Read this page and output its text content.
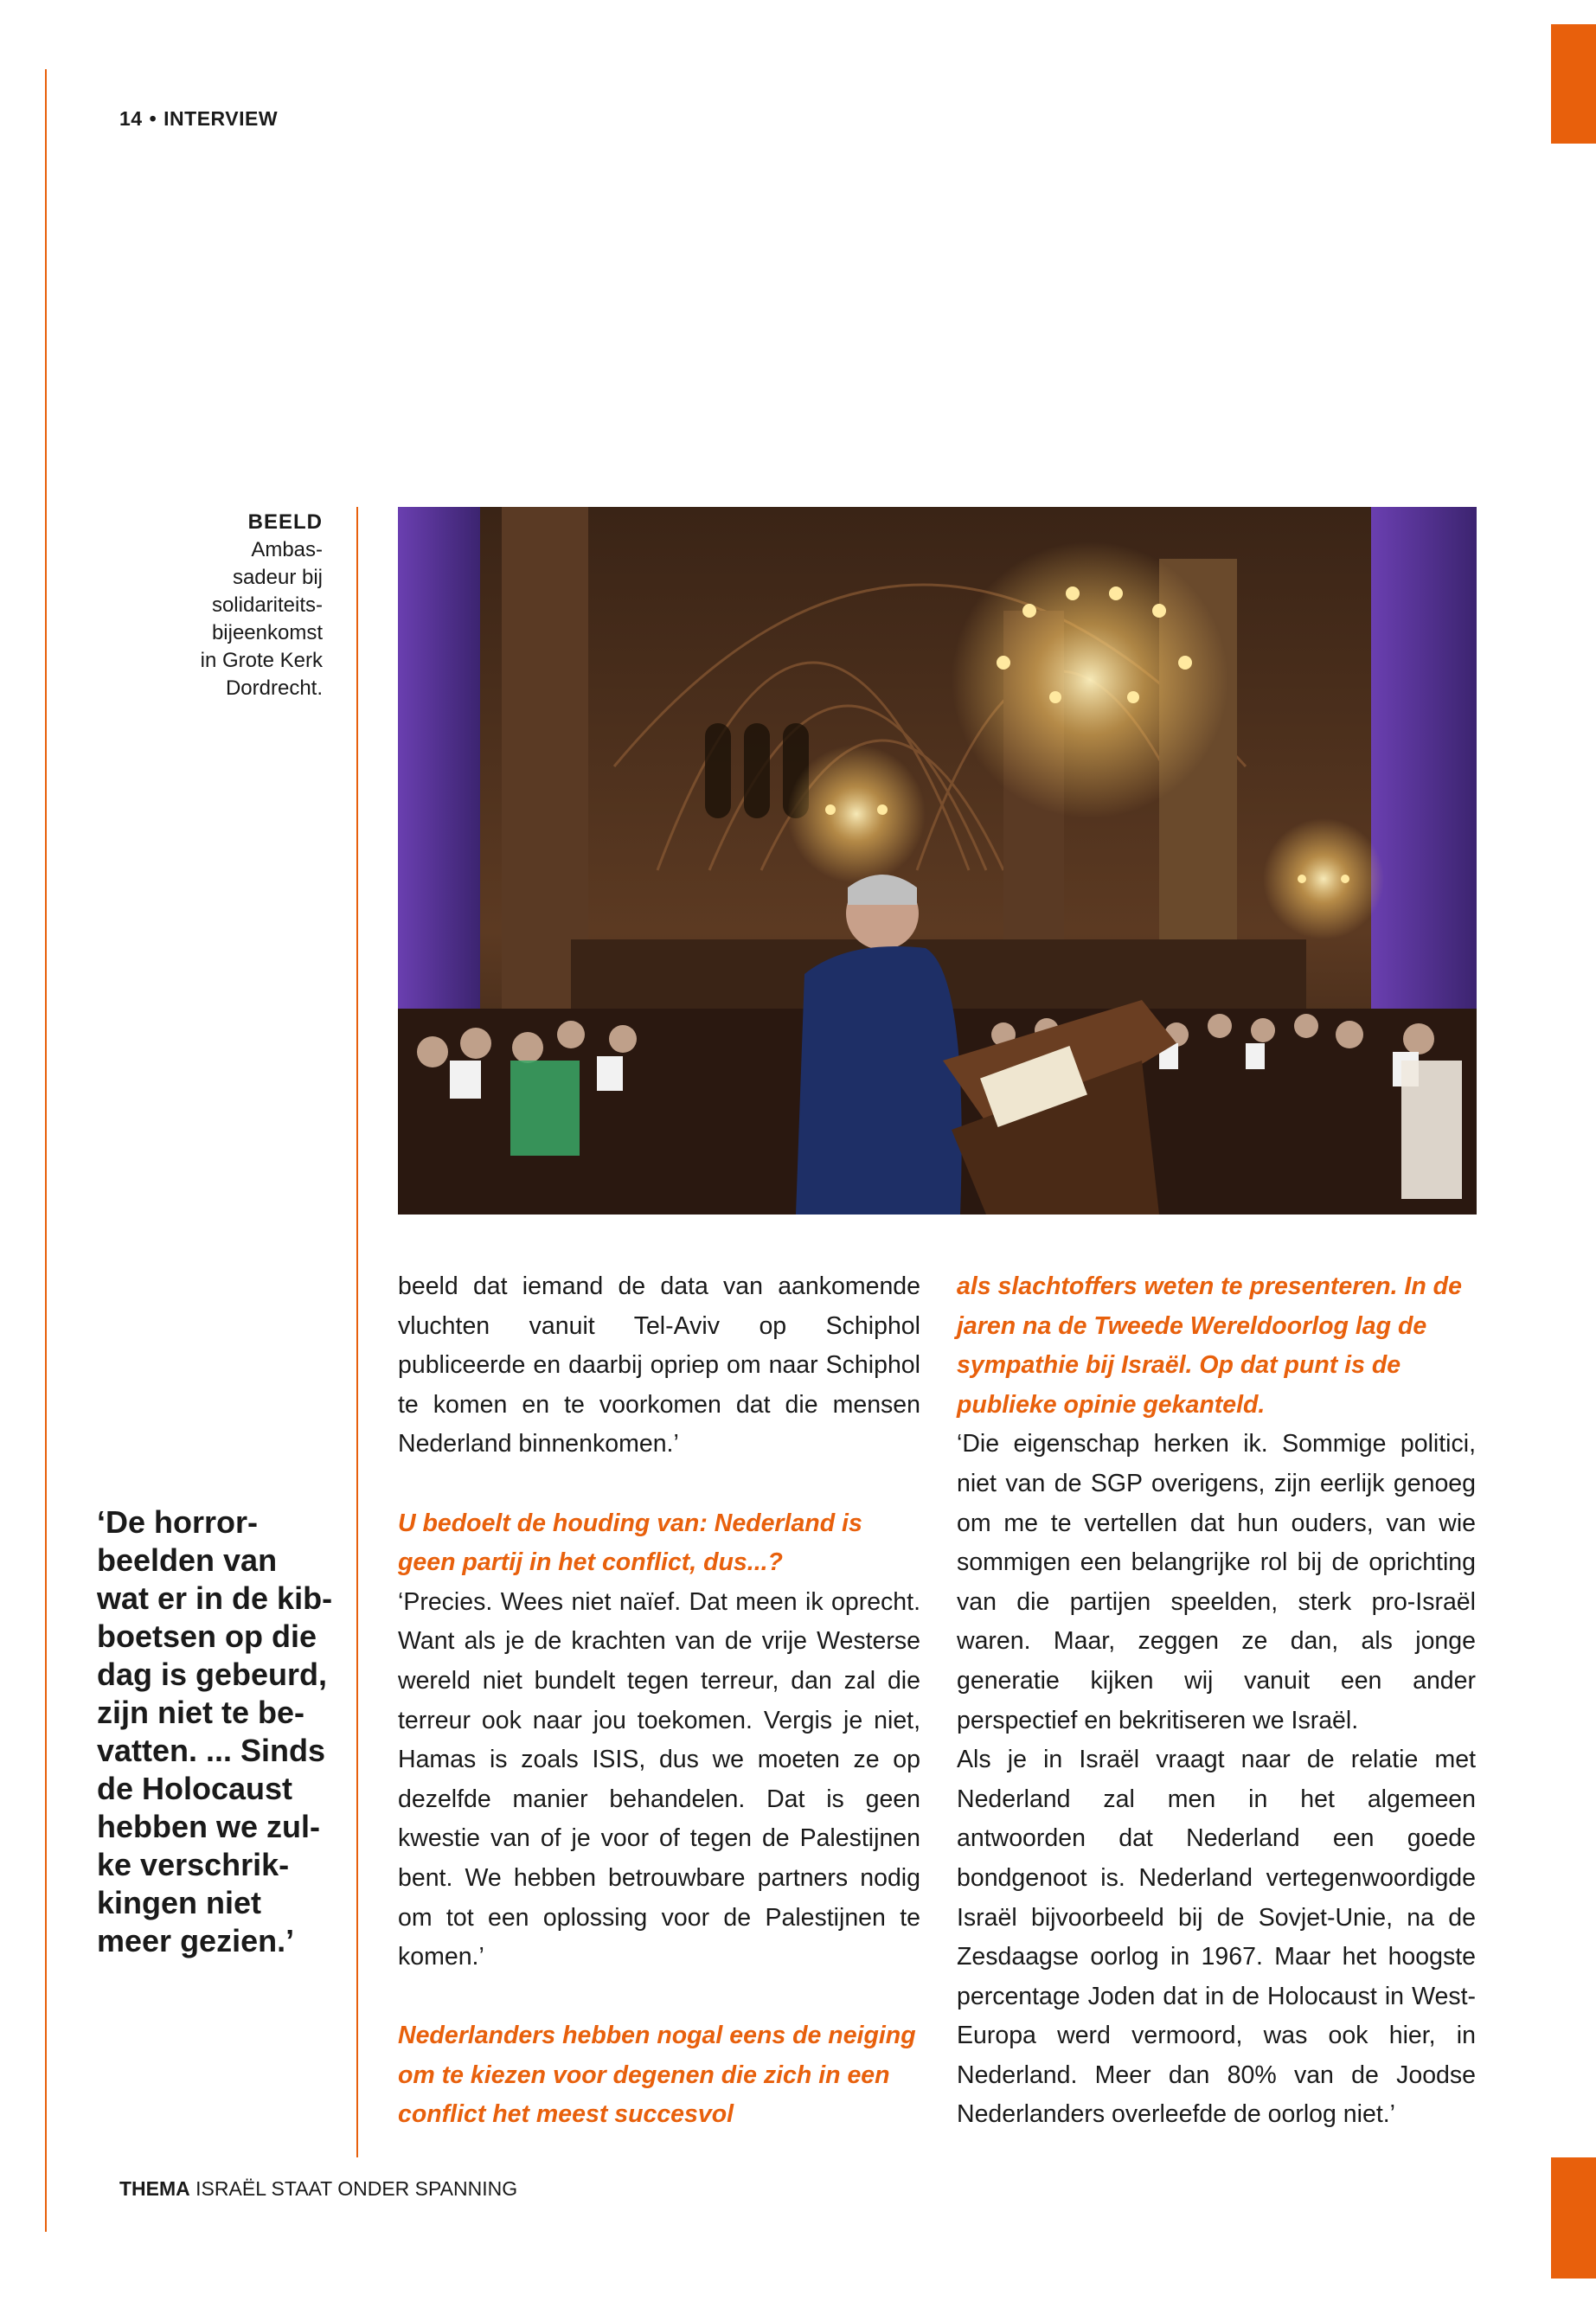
14 • INTERVIEW
BEELD
Ambas-
sadeur bij
solidariteits-
bijeenkomst
in Grote Kerk
Dordrecht.
‘De horror-
beelden van
wat er in de kib-
boetsen op die
dag is gebeurd,
zijn niet te be-
vatten. ... Sinds
de Holocaust
hebben we zul-
ke verschrik-
kingen niet
meer gezien.’

beeld dat iemand de data van aankomende vluchten vanuit Tel-Aviv op Schiphol publiceerde en daarbij opriep om naar Schiphol te komen en te voorkomen dat die mensen Nederland binnenkomen.’

U bedoelt de houding van: Nederland is geen partij in het conflict, dus...?

‘Precies. Wees niet naïef. Dat meen ik oprecht. Want als je de krachten van de vrije Westerse wereld niet bundelt tegen terreur, dan zal die terreur ook naar jou toekomen. Vergis je niet, Hamas is zoals ISIS, dus we moeten ze op dezelfde manier behandelen. Dat is geen kwestie van of je voor of tegen de Palestijnen bent. We hebben betrouwbare partners nodig om tot een oplossing voor de Palestijnen te komen.’

Nederlanders hebben nogal eens de neiging om te kiezen voor degenen die zich in een conflict het meest succesvol

als slachtoffers weten te presenteren. In de jaren na de Tweede Wereldoorlog lag de sympathie bij Israël. Op dat punt is de publieke opinie gekanteld.

‘Die eigenschap herken ik. Sommige politici, niet van de SGP overigens, zijn eerlijk genoeg om me te vertellen dat hun ouders, van wie sommigen een belangrijke rol bij de oprichting van die partijen speelden, sterk pro-Israël waren. Maar, zeggen ze dan, als jonge generatie kijken wij vanuit een ander perspectief en bekritiseren we Israël.

Als je in Israël vraagt naar de relatie met Nederland zal men in het algemeen antwoorden dat Nederland een goede bondgenoot is. Nederland vertegenwoordigde Israël bijvoorbeeld bij de Sovjet-Unie, na de Zesdaagse oorlog in 1967. Maar het hoogste percentage Joden dat in de Holocaust in West-Europa werd vermoord, was ook hier, in Nederland. Meer dan 80% van de Joodse Nederlanders overleefde de oorlog niet.’

THEMA ISRAËL STAAT ONDER SPANNING
